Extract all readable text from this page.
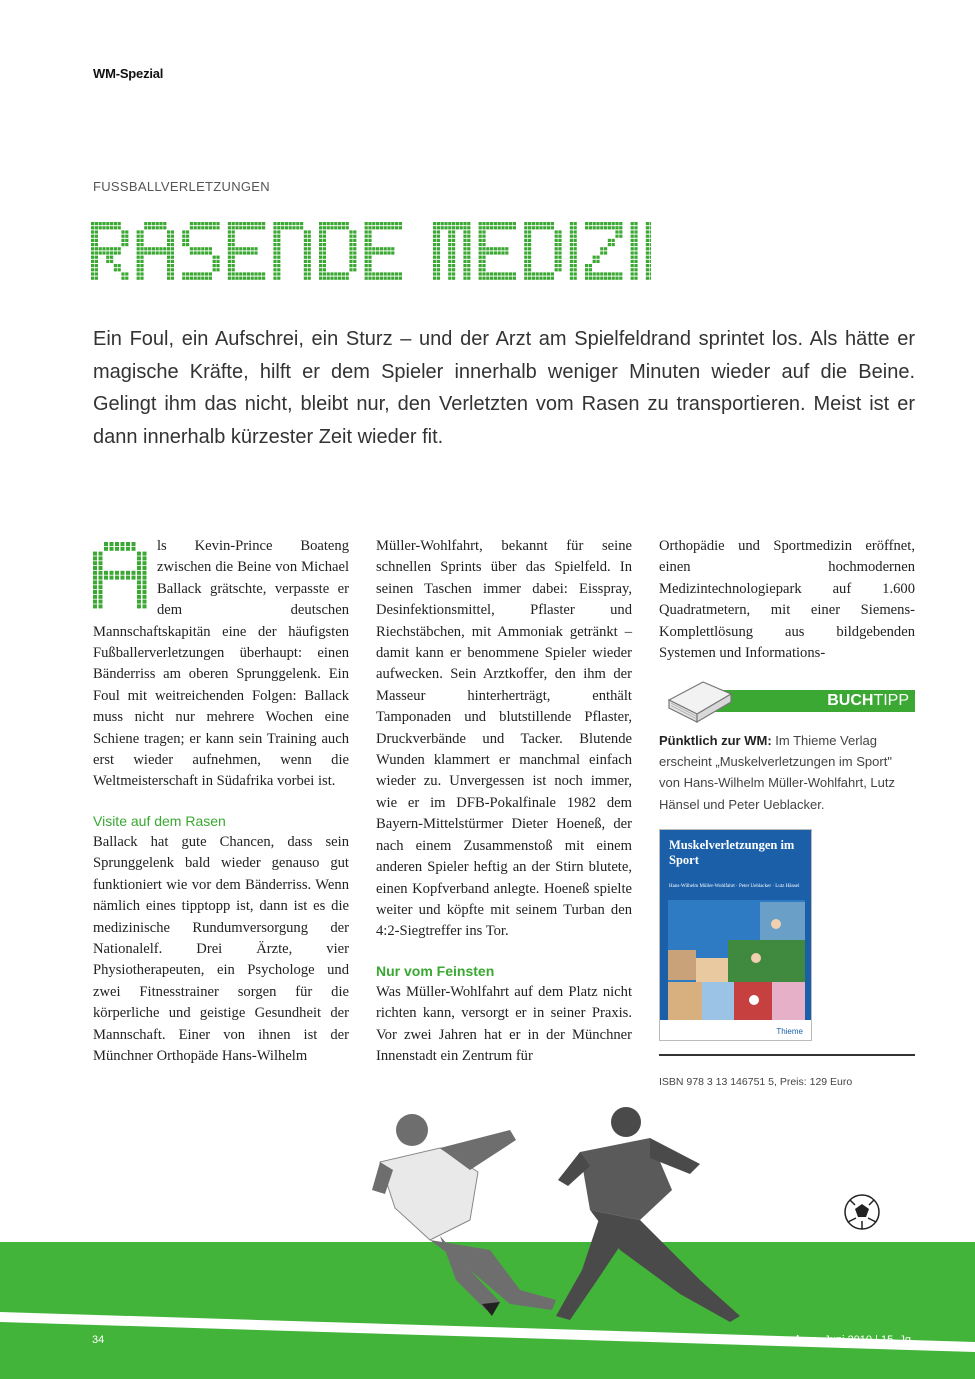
WM-Spezial
FUSSBALLVERLETZUNGEN
Ein Foul, ein Aufschrei, ein Sturz – und der Arzt am Spielfeldrand sprintet los. Als hätte er magische Kräfte, hilft er dem Spieler innerhalb weniger Minuten wieder auf die Beine. Gelingt ihm das nicht, bleibt nur, den Verletzten vom Rasen zu transportieren. Meist ist er dann innerhalb kürzester Zeit wieder fit.

ls Kevin-Prince Boateng zwischen die Beine von Michael Ballack grätschte, verpasste er dem deutschen Mannschaftskapitän eine der häufigsten Fußballerverletzungen überhaupt: einen Bänderriss am oberen Sprunggelenk. Ein Foul mit weitreichenden Folgen: Ballack muss nicht nur mehrere Wochen eine Schiene tragen; er kann sein Training auch erst wieder aufnehmen, wenn die Weltmeisterschaft in Südafrika vorbei ist.

Visite auf dem Rasen

Ballack hat gute Chancen, dass sein Sprunggelenk bald wieder genauso gut funktioniert wie vor dem Bänderriss. Wenn nämlich eines tipptopp ist, dann ist es die medizinische Rundumversorgung der Nationalelf. Drei Ärzte, vier Physiotherapeuten, ein Psychologe und zwei Fitnesstrainer sorgen für die körperliche und geistige Gesundheit der Mannschaft. Einer von ihnen ist der Münchner Orthopäde Hans-Wilhelm

Müller-Wohlfahrt, bekannt für seine schnellen Sprints über das Spielfeld. In seinen Taschen immer dabei: Eisspray, Desinfektionsmittel, Pflaster und Riechstäbchen, mit Ammoniak getränkt – damit kann er benommene Spieler wieder aufwecken. Sein Arztkoffer, den ihm der Masseur hinterherträgt, enthält Tamponaden und blutstillende Pflaster, Druckverbände und Tacker. Blutende Wunden klammert er manchmal einfach wieder zu. Unvergessen ist noch immer, wie er im DFB-Pokalfinale 1982 dem Bayern-Mittelstürmer Dieter Hoeneß, der nach einem Zusammenstoß mit einem anderen Spieler heftig an der Stirn blutete, einen Kopfverband anlegte. Hoeneß spielte weiter und köpfte mit seinem Turban den 4:2-Siegtreffer ins Tor.

Nur vom Feinsten

Was Müller-Wohlfahrt auf dem Platz nicht richten kann, versorgt er in seiner Praxis. Vor zwei Jahren hat er in der Münchner Innenstadt ein Zentrum für

Orthopädie und Sportmedizin eröffnet, einen hochmodernen Medizintechnologiepark auf 1.600 Quadratmetern, mit einer Siemens-Komplettlösung aus bildgebenden Systemen und Informations-

BUCHTIPP
Pünktlich zur WM: Im Thieme Verlag erscheint „Muskelverletzungen im Sport" von Hans-Wilhelm Müller-Wohlfahrt, Lutz Hänsel und Peter Ueblacker.
Muskelverletzungen im Sport
Hans-Wilhelm Müller-Wohlfahrt · Peter Ueblacker · Lutz Hänsel
Thieme
ISBN 978 3 13 146751 5, Preis: 129 Euro
34	kma Juni 2010 | 15. Jg.
